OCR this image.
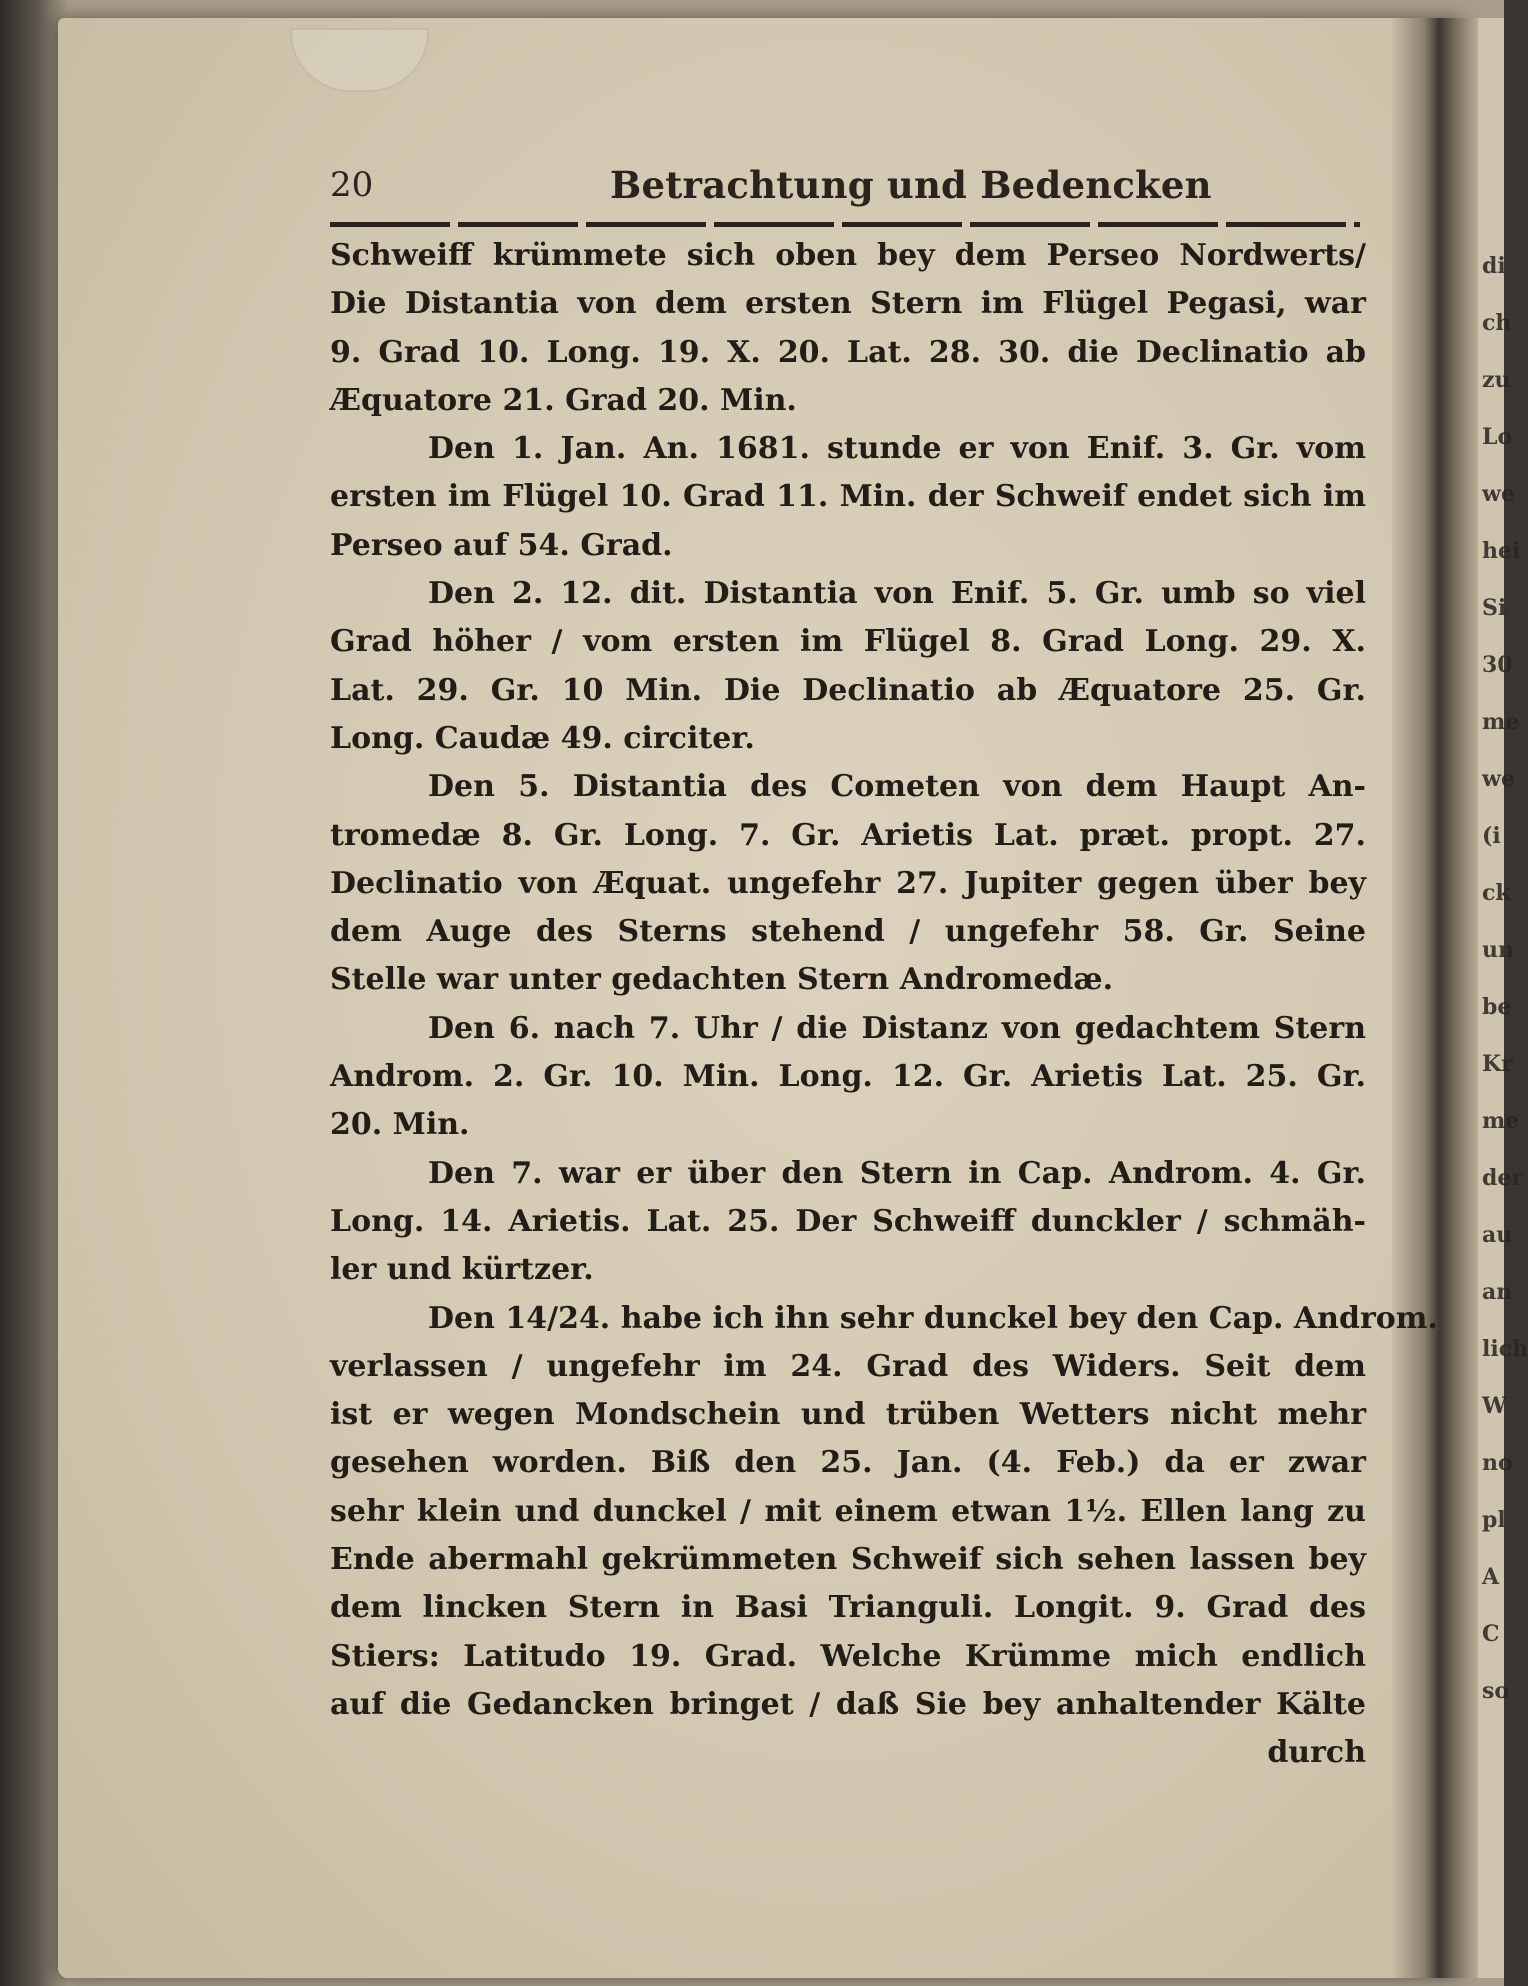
di
ch
zu
Lo
we
hei
Si
30
me
we
(i
ck
un
be
Kr
me
der
au
an
lich
W
no
pl
A
C
so
20	Betrachtung und Bedencken
Schweiff krümmete sich oben bey dem Perseo Nordwerts/
Die Distantia von dem ersten Stern im Flügel Pegasi, war
9. Grad 10. Long. 19. X. 20. Lat. 28. 30. die Declinatio ab
Æquatore 21. Grad 20. Min.
Den 1. Jan. An. 1681. stunde er von Enif. 3. Gr. vom
ersten im Flügel 10. Grad 11. Min. der Schweif endet sich im
Perseo auf 54. Grad.
Den 2. 12. dit. Distantia von Enif. 5. Gr. umb so viel
Grad höher / vom ersten im Flügel 8. Grad Long. 29. X.
Lat. 29. Gr. 10 Min. Die Declinatio ab Æquatore 25. Gr.
Long. Caudæ 49. circiter.
Den 5. Distantia des Cometen von dem Haupt An-
tromedæ 8. Gr. Long. 7. Gr. Arietis Lat. præt. propt. 27.
Declinatio von Æquat. ungefehr 27. Jupiter gegen über bey
dem Auge des Sterns stehend / ungefehr 58. Gr. Seine
Stelle war unter gedachten Stern Andromedæ.
Den 6. nach 7. Uhr / die Distanz von gedachtem Stern
Androm. 2. Gr. 10. Min. Long. 12. Gr. Arietis Lat. 25. Gr.
20. Min.
Den 7. war er über den Stern in Cap. Androm. 4. Gr.
Long. 14. Arietis. Lat. 25. Der Schweiff dunckler / schmäh-
ler und kürtzer.
Den 14/24. habe ich ihn sehr dunckel bey den Cap. Androm.
verlassen / ungefehr im 24. Grad des Widers. Seit dem
ist er wegen Mondschein und trüben Wetters nicht mehr
gesehen worden. Biß den 25. Jan. (4. Feb.) da er zwar
sehr klein und dunckel / mit einem etwan 1½. Ellen lang zu
Ende abermahl gekrümmeten Schweif sich sehen lassen bey
dem lincken Stern in Basi Trianguli. Longit. 9. Grad des
Stiers: Latitudo 19. Grad. Welche Krümme mich endlich
auf die Gedancken bringet / daß Sie bey anhaltender Kälte
durch
